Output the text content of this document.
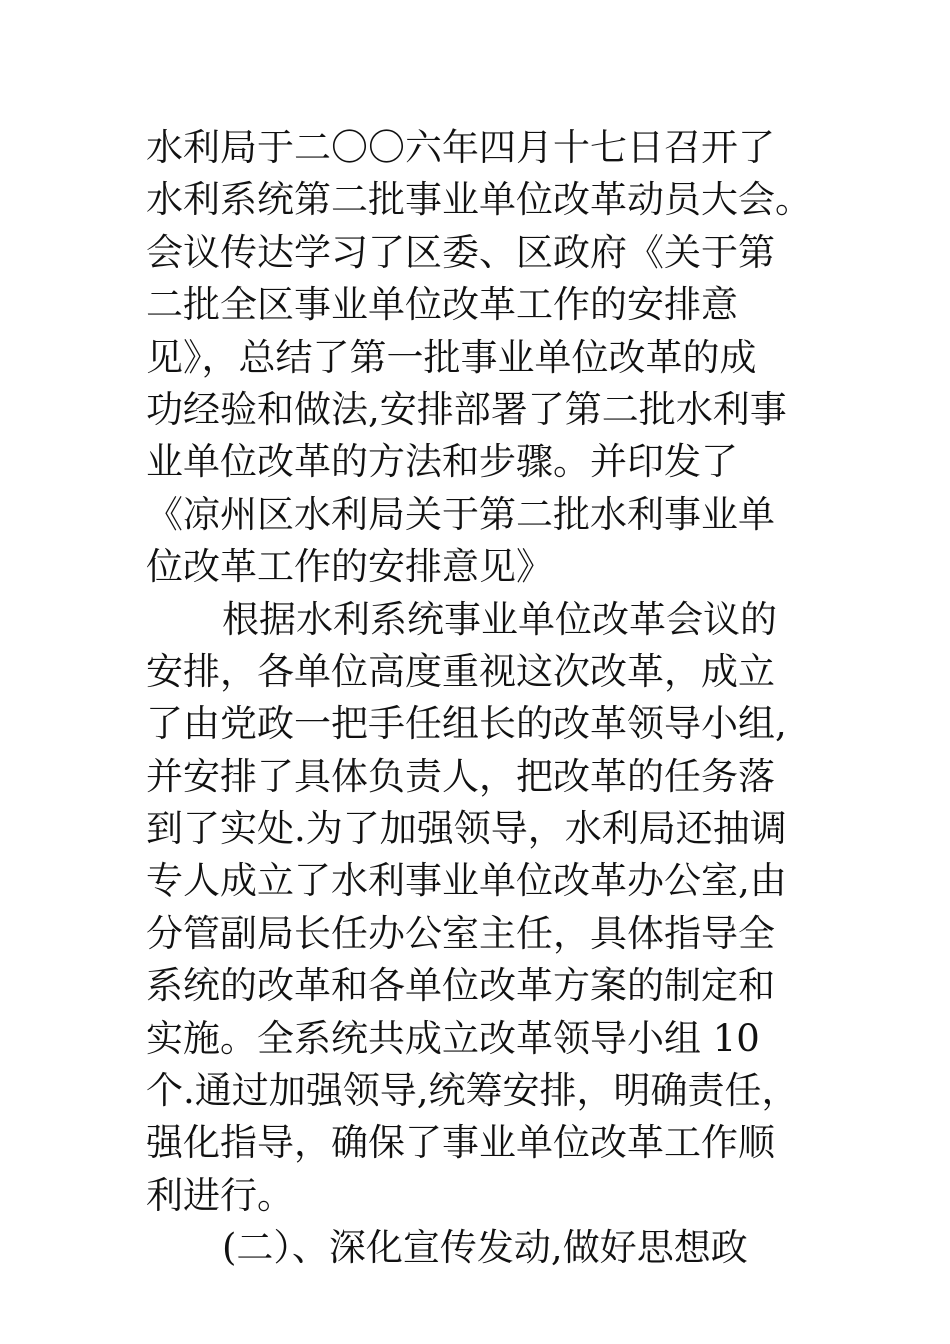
水利局于二〇〇六年四月十七日召开了
水利系统第二批事业单位改革动员大会。
会议传达学习了区委、区政府《关于第
二批全区事业单位改革工作的安排意
见》，总结了第一批事业单位改革的成
功经验和做法,安排部署了第二批水利事
业单位改革的方法和步骤。并印发了
《凉州区水利局关于第二批水利事业单
位改革工作的安排意见》
根据水利系统事业单位改革会议的
安排，各单位高度重视这次改革，成立
了由党政一把手任组长的改革领导小组,
并安排了具体负责人，把改革的任务落
到了实处.为了加强领导，水利局还抽调
专人成立了水利事业单位改革办公室,由
分管副局长任办公室主任，具体指导全
系统的改革和各单位改革方案的制定和
实施。全系统共成立改革领导小组 10
个.通过加强领导,统筹安排，明确责任，
强化指导，确保了事业单位改革工作顺
利进行。
(二）、深化宣传发动,做好思想政
